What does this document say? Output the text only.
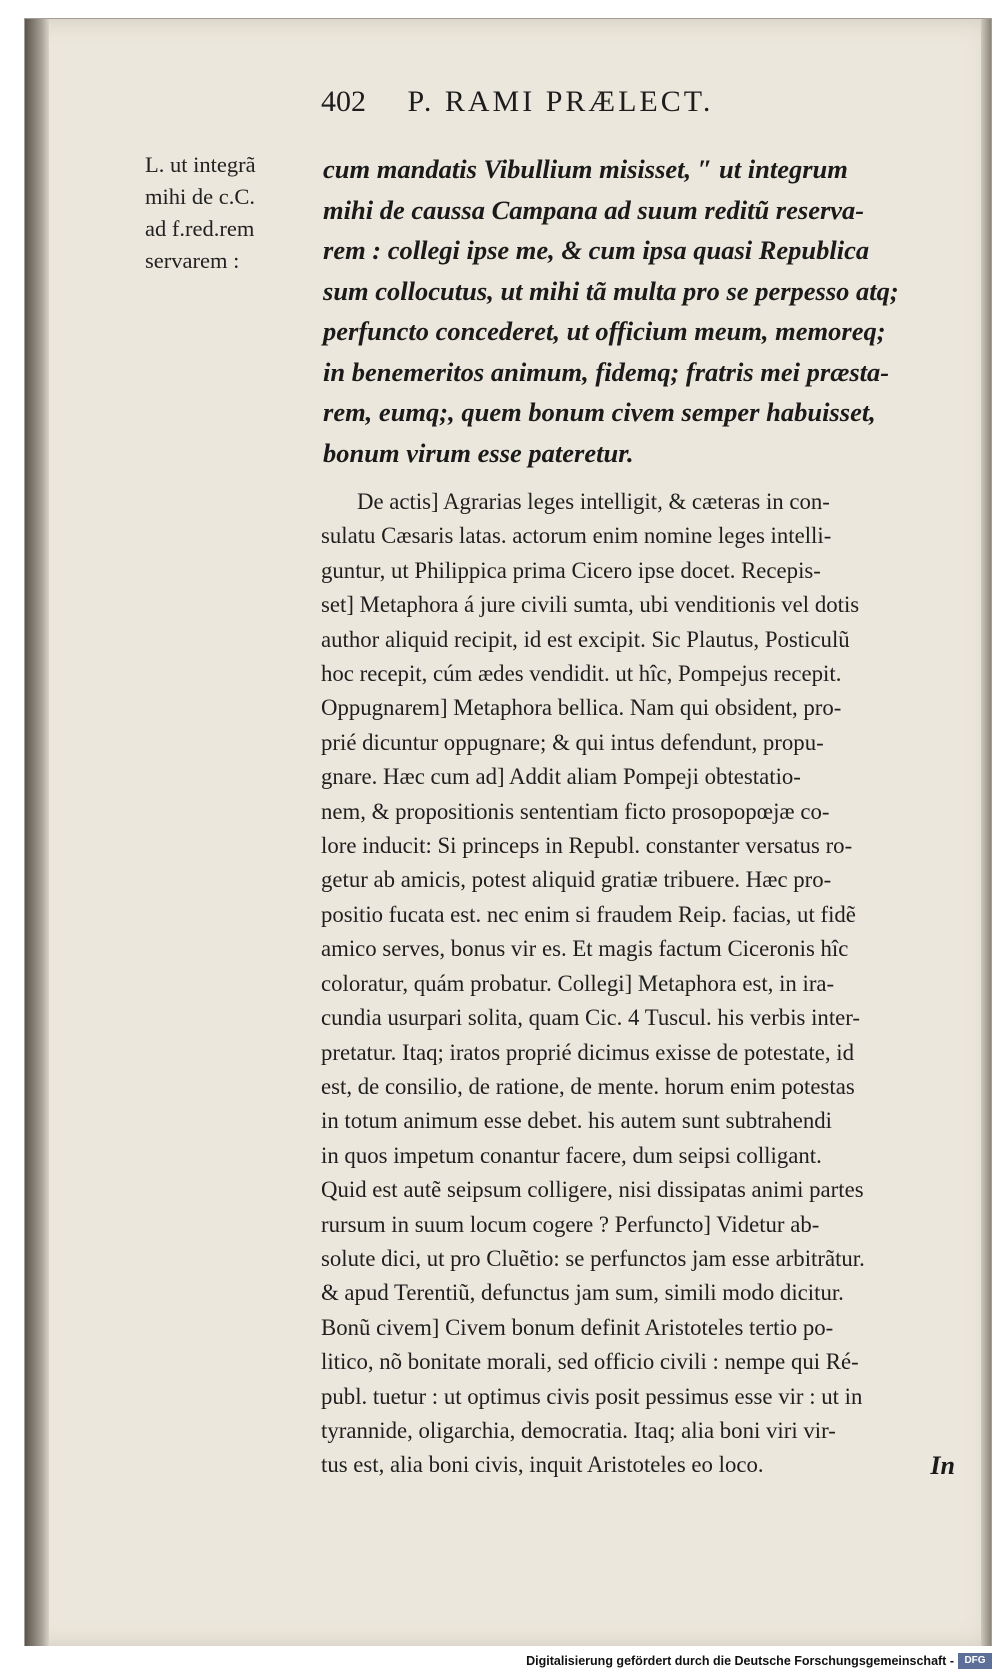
402 P. RAMI PRÆLECT.
L. ut integrã
mihi de c.C.
ad f.red.rem
servarem :
cum mandatis Vibullium misisset, ″ ut integrum
mihi de caussa Campana ad suum reditũ reserva-
rem : collegi ipse me, & cum ipsa quasi Republica
sum collocutus, ut mihi tã multa pro se perpesso atq;
perfuncto concederet, ut officium meum, memoreq;
in benemeritos animum, fidemq; fratris mei præsta-
rem, eumq;, quem bonum civem semper habuisset,
bonum virum esse pateretur.
De actis] Agrarias leges intelligit, & cæteras in con-
sulatu Cæsaris latas. actorum enim nomine leges intelli-
guntur, ut Philippica prima Cicero ipse docet. Recepis-
set] Metaphora á jure civili sumta, ubi venditionis vel dotis
author aliquid recipit, id est excipit. Sic Plautus, Posticulũ
hoc recepit, cúm ædes vendidit. ut hîc, Pompejus recepit.
Oppugnarem] Metaphora bellica. Nam qui obsident, pro-
prié dicuntur oppugnare; & qui intus defendunt, propu-
gnare. Hæc cum ad] Addit aliam Pompeji obtestatio-
nem, & propositionis sententiam ficto prosopopœjæ co-
lore inducit: Si princeps in Republ. constanter versatus ro-
getur ab amicis, potest aliquid gratiæ tribuere. Hæc pro-
positio fucata est. nec enim si fraudem Reip. facias, ut fidẽ
amico serves, bonus vir es. Et magis factum Ciceronis hîc
coloratur, quám probatur. Collegi] Metaphora est, in ira-
cundia usurpari solita, quam Cic. 4 Tuscul. his verbis inter-
pretatur. Itaq; iratos proprié dicimus exisse de potestate, id
est, de consilio, de ratione, de mente. horum enim potestas
in totum animum esse debet. his autem sunt subtrahendi
in quos impetum conantur facere, dum seipsi colligant.
Quid est autẽ seipsum colligere, nisi dissipatas animi partes
rursum in suum locum cogere ? Perfuncto] Videtur ab-
solute dici, ut pro Cluẽtio: se perfunctos jam esse arbitrãtur.
& apud Terentiũ, defunctus jam sum, simili modo dicitur.
Bonũ civem] Civem bonum definit Aristoteles tertio po-
litico, nõ bonitate morali, sed officio civili : nempe qui Ré-
publ. tuetur : ut optimus civis posit pessimus esse vir : ut in
tyrannide, oligarchia, democratia. Itaq; alia boni viri vir-
tus est, alia boni civis, inquit Aristoteles eo loco.	In
Digitalisierung gefördert durch die Deutsche Forschungsgemeinschaft -	DFG
